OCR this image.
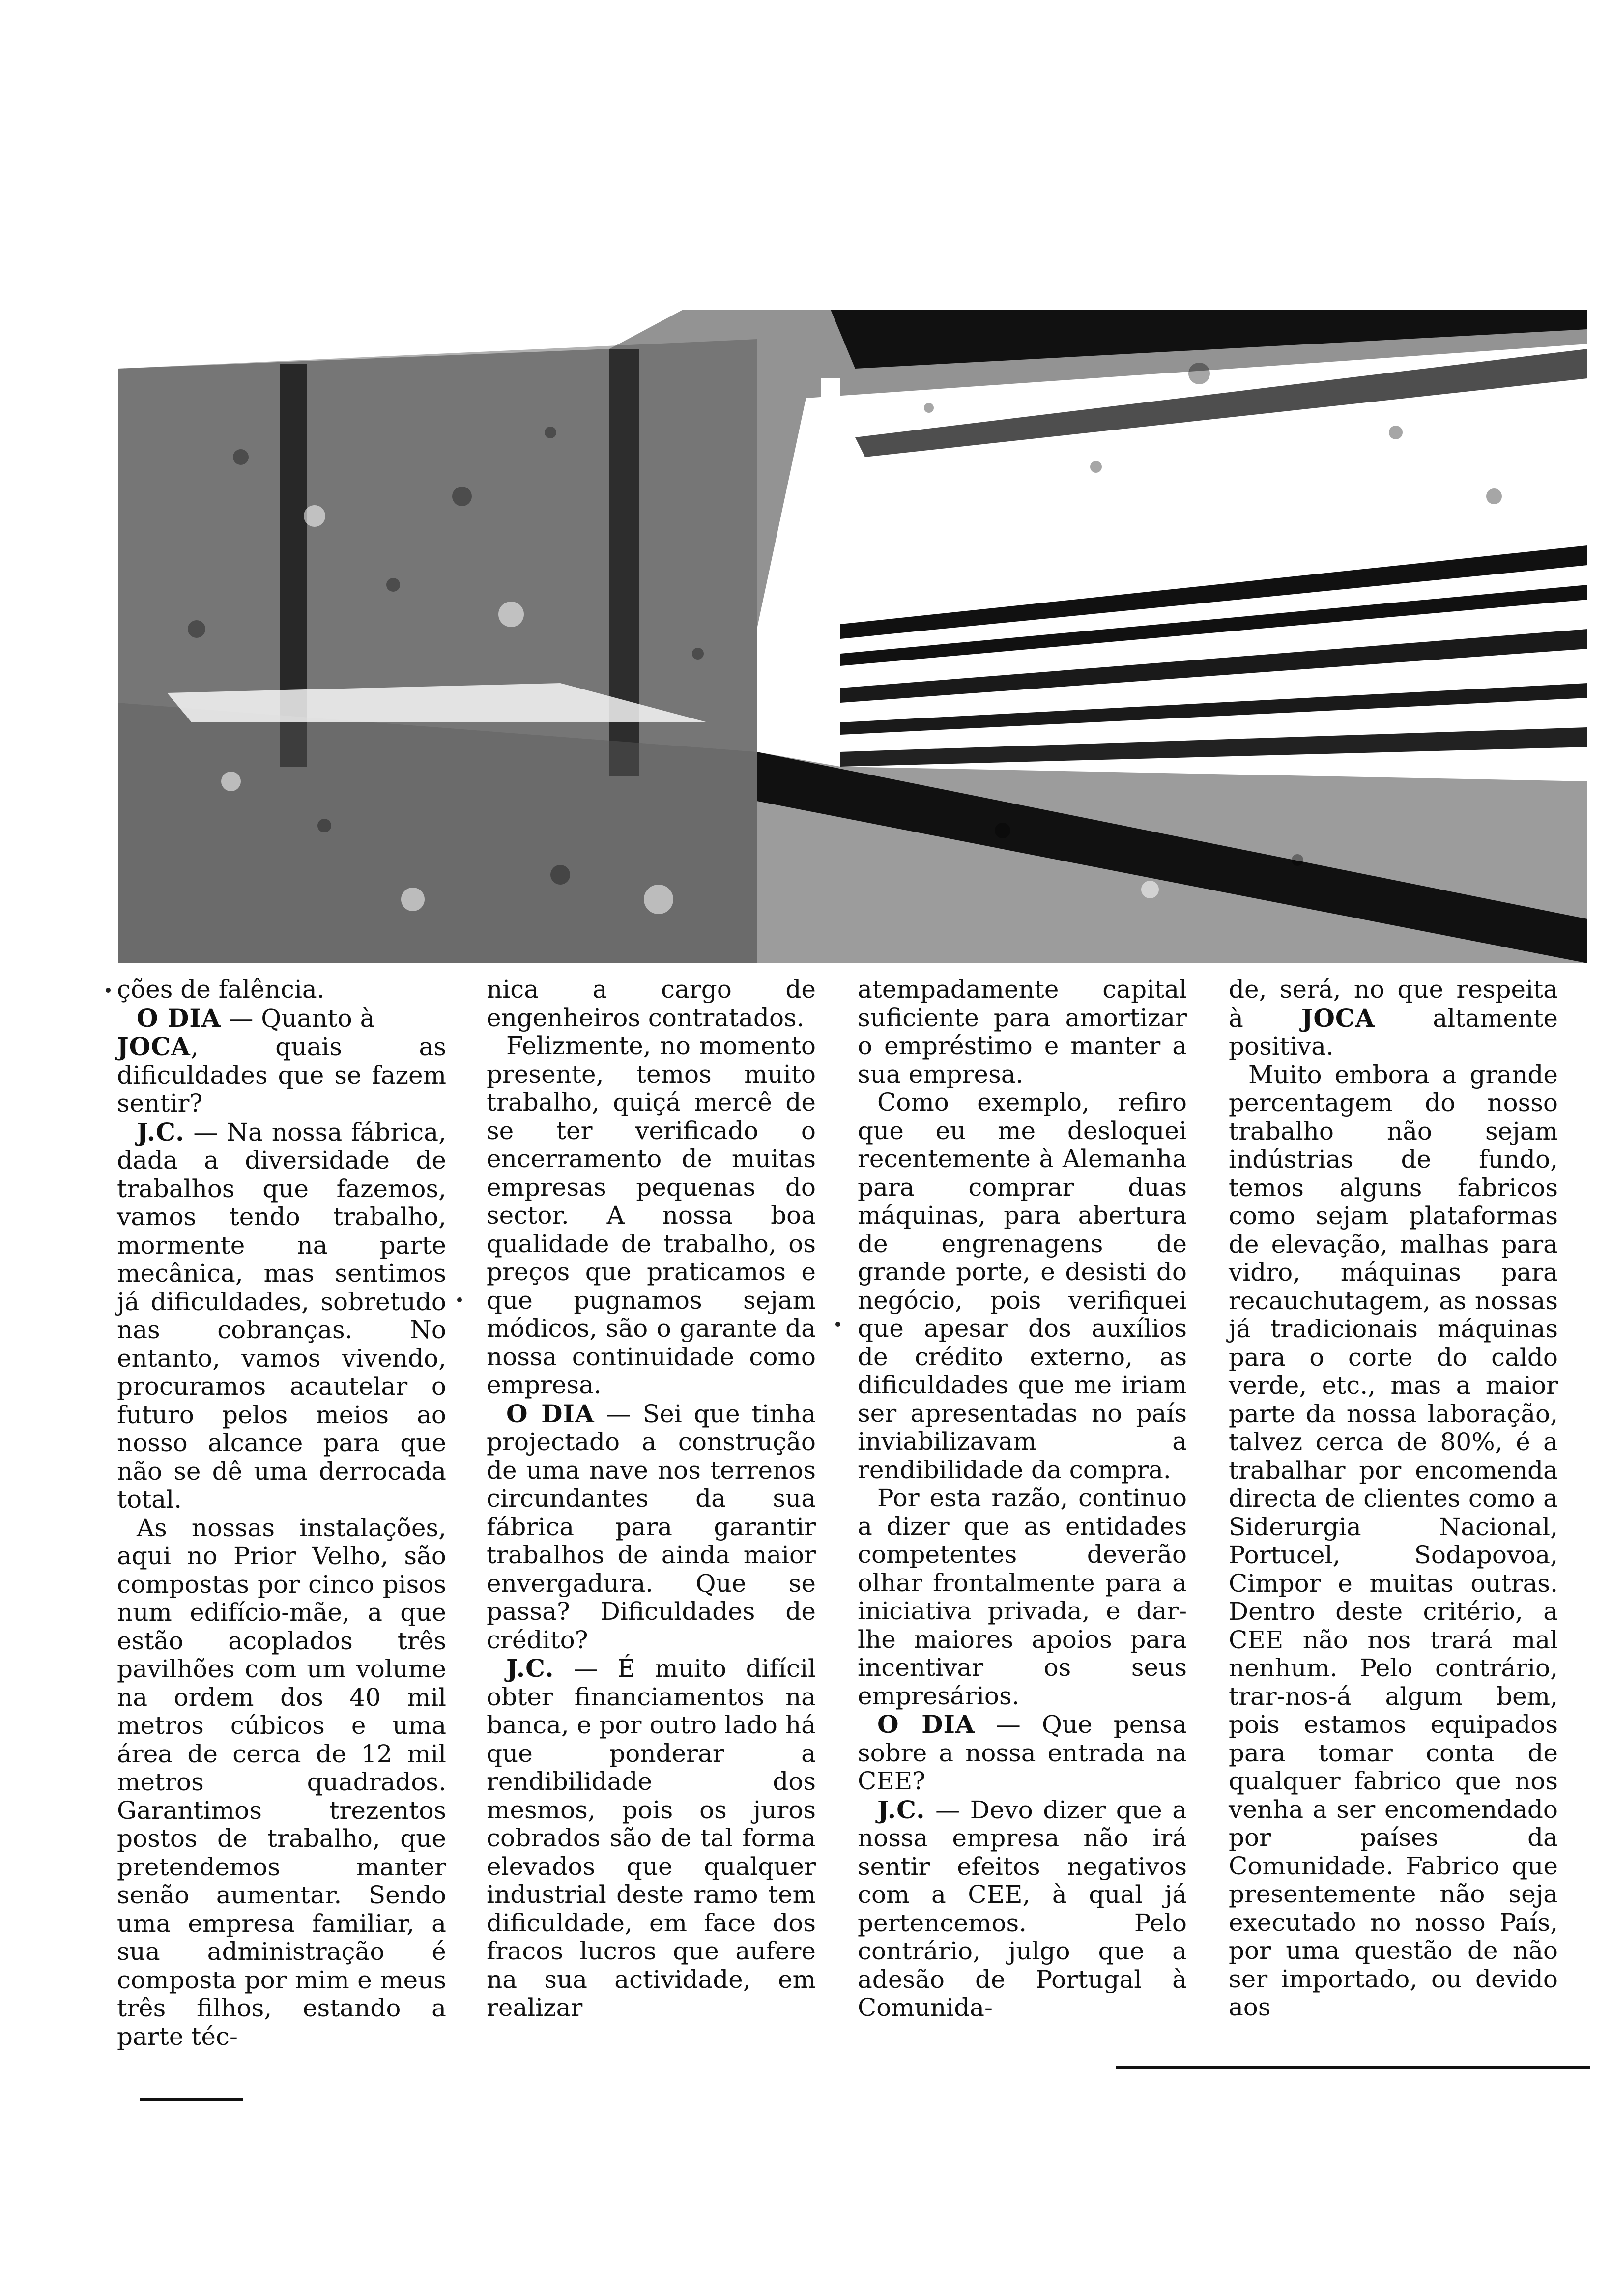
ções de falência.

O DIA — Quanto à

JOCA, quais as dificuldades que se fazem sentir?

J.C. — Na nossa fábrica, dada a diversidade de trabalhos que fazemos, vamos tendo trabalho, mormente na parte mecânica, mas sentimos já dificuldades, sobretudo nas cobranças. No entanto, vamos vivendo, procuramos acautelar o futuro pelos meios ao nosso alcance para que não se dê uma derrocada total.

As nossas instalações, aqui no Prior Velho, são compostas por cinco pisos num edifício-mãe, a que estão acoplados três pavilhões com um volume na ordem dos 40 mil metros cúbicos e uma área de cerca de 12 mil metros quadrados. Garantimos trezentos postos de trabalho, que pretendemos manter senão aumentar. Sendo uma empresa familiar, a sua administração é composta por mim e meus três filhos, estando a parte téc-

nica a cargo de engenheiros contratados.

Felizmente, no momento presente, temos muito trabalho, quiçá mercê de se ter verificado o encerramento de muitas empresas pequenas do sector. A nossa boa qualidade de trabalho, os preços que praticamos e que pugnamos sejam módicos, são o garante da nossa continuidade como empresa.

O DIA — Sei que tinha projectado a construção de uma nave nos terrenos circundantes da sua fábrica para garantir trabalhos de ainda maior envergadura. Que se passa? Dificuldades de crédito?

J.C. — É muito difícil obter financiamentos na banca, e por outro lado há que ponderar a rendibilidade dos mesmos, pois os juros cobrados são de tal forma elevados que qualquer industrial deste ramo tem dificuldade, em face dos fracos lucros que aufere na sua actividade, em realizar

atempadamente capital suficiente para amortizar o empréstimo e manter a sua empresa.

Como exemplo, refiro que eu me desloquei recentemente à Alemanha para comprar duas máquinas, para abertura de engrenagens de grande porte, e desisti do negócio, pois verifiquei que apesar dos auxílios de crédito externo, as dificuldades que me iriam ser apresentadas no país inviabilizavam a rendibilidade da compra.

Por esta razão, continuo a dizer que as entidades competentes deverão olhar frontalmente para a iniciativa privada, e dar-lhe maiores apoios para incentivar os seus empresários.

O DIA — Que pensa sobre a nossa entrada na CEE?

J.C. — Devo dizer que a nossa empresa não irá sentir efeitos negativos com a CEE, à qual já pertencemos. Pelo contrário, julgo que a adesão de Portugal à Comunida-

de, será, no que respeita à JOCA altamente positiva.

Muito embora a grande percentagem do nosso trabalho não sejam indústrias de fundo, temos alguns fabricos como sejam plataformas de elevação, malhas para vidro, máquinas para recauchutagem, as nossas já tradicionais máquinas para o corte do caldo verde, etc., mas a maior parte da nossa laboração, talvez cerca de 80%, é a trabalhar por encomenda directa de clientes como a Siderurgia Nacional, Portucel, Sodapovoa, Cimpor e muitas outras. Dentro deste critério, a CEE não nos trará mal nenhum. Pelo contrário, trar-nos-á algum bem, pois estamos equipados para tomar conta de qualquer fabrico que nos venha a ser encomendado por países da Comunidade. Fabrico que presentemente não seja executado no nosso País, por uma questão de não ser importado, ou devido aos
